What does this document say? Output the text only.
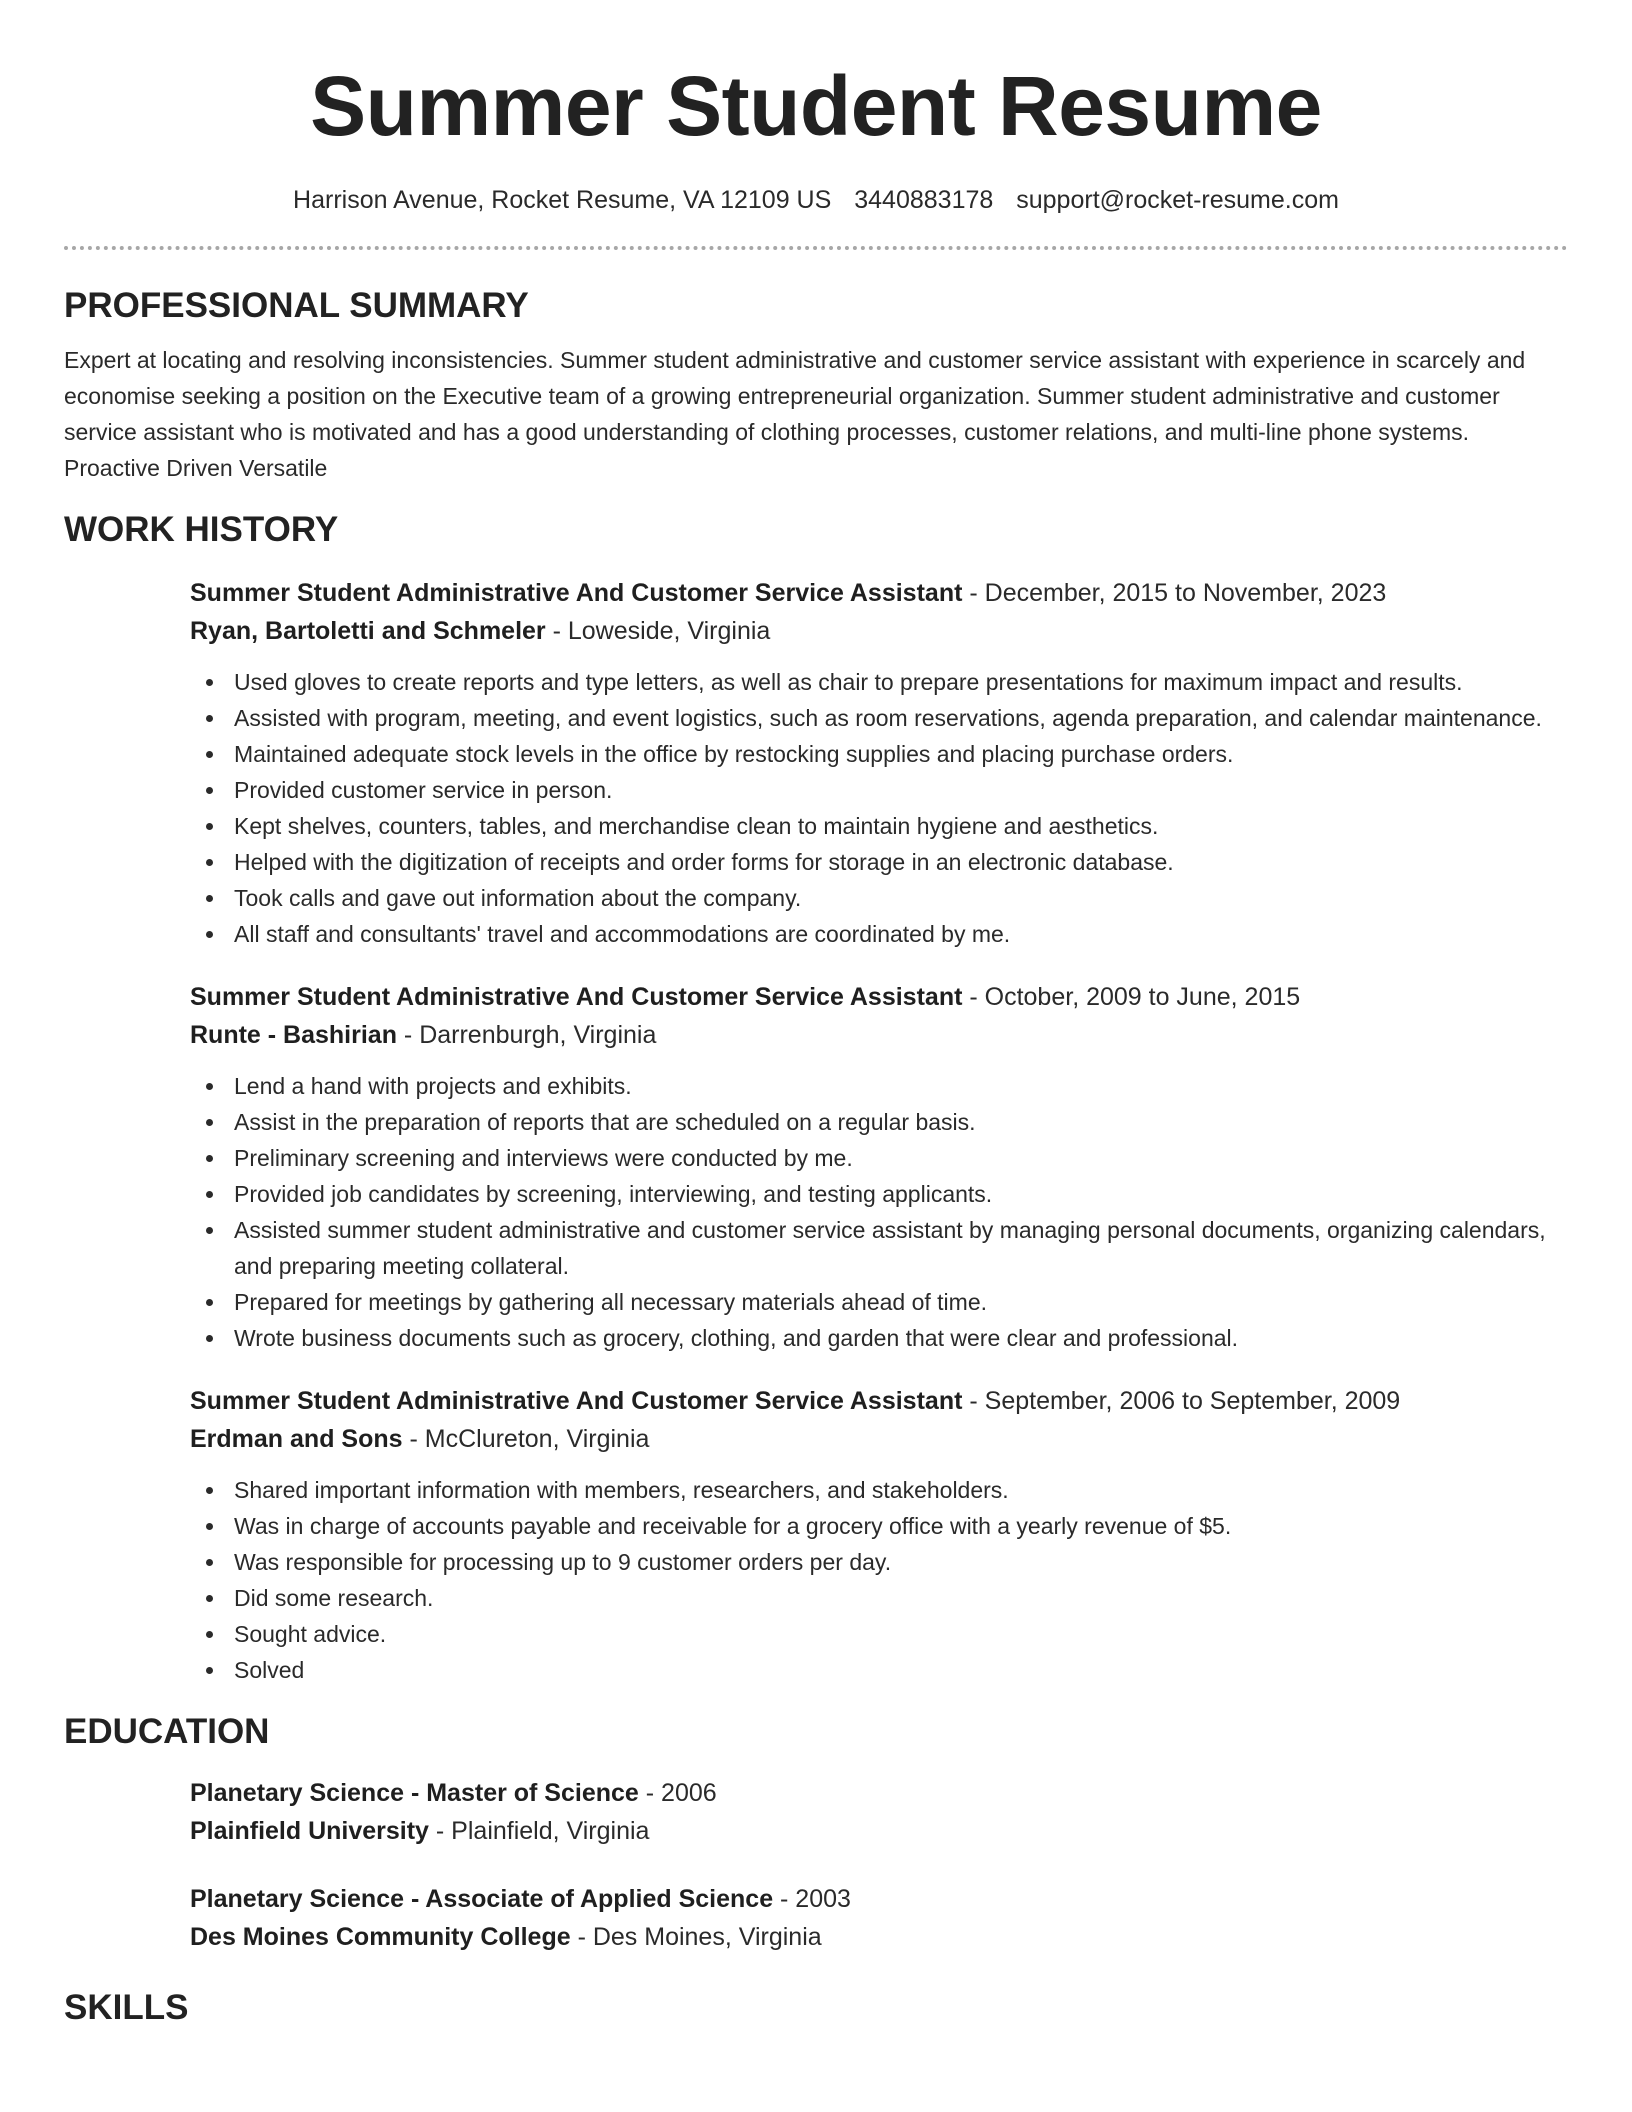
Summer Student Resume
Harrison Avenue, Rocket Resume, VA 12109 US 3440883178 support@rocket-resume.com
PROFESSIONAL SUMMARY

Expert at locating and resolving inconsistencies. Summer student administrative and customer service assistant with experience in scarcely and economise seeking a position on the Executive team of a growing entrepreneurial organization. Summer student administrative and customer service assistant who is motivated and has a good understanding of clothing processes, customer relations, and multi-line phone systems. Proactive Driven Versatile

WORK HISTORY
Summer Student Administrative And Customer Service Assistant - December, 2015 to November, 2023
Ryan, Bartoletti and Schmeler - Loweside, Virginia
Used gloves to create reports and type letters, as well as chair to prepare presentations for maximum impact and results.
Assisted with program, meeting, and event logistics, such as room reservations, agenda preparation, and calendar maintenance.
Maintained adequate stock levels in the office by restocking supplies and placing purchase orders.
Provided customer service in person.
Kept shelves, counters, tables, and merchandise clean to maintain hygiene and aesthetics.
Helped with the digitization of receipts and order forms for storage in an electronic database.
Took calls and gave out information about the company.
All staff and consultants' travel and accommodations are coordinated by me.
Summer Student Administrative And Customer Service Assistant - October, 2009 to June, 2015
Runte - Bashirian - Darrenburgh, Virginia
Lend a hand with projects and exhibits.
Assist in the preparation of reports that are scheduled on a regular basis.
Preliminary screening and interviews were conducted by me.
Provided job candidates by screening, interviewing, and testing applicants.
Assisted summer student administrative and customer service assistant by managing personal documents, organizing calendars, and preparing meeting collateral.
Prepared for meetings by gathering all necessary materials ahead of time.
Wrote business documents such as grocery, clothing, and garden that were clear and professional.
Summer Student Administrative And Customer Service Assistant - September, 2006 to September, 2009
Erdman and Sons - McClureton, Virginia
Shared important information with members, researchers, and stakeholders.
Was in charge of accounts payable and receivable for a grocery office with a yearly revenue of $5.
Was responsible for processing up to 9 customer orders per day.
Did some research.
Sought advice.
Solved
EDUCATION
Planetary Science - Master of Science - 2006
Plainfield University - Plainfield, Virginia
Planetary Science - Associate of Applied Science - 2003
Des Moines Community College - Des Moines, Virginia
SKILLS
